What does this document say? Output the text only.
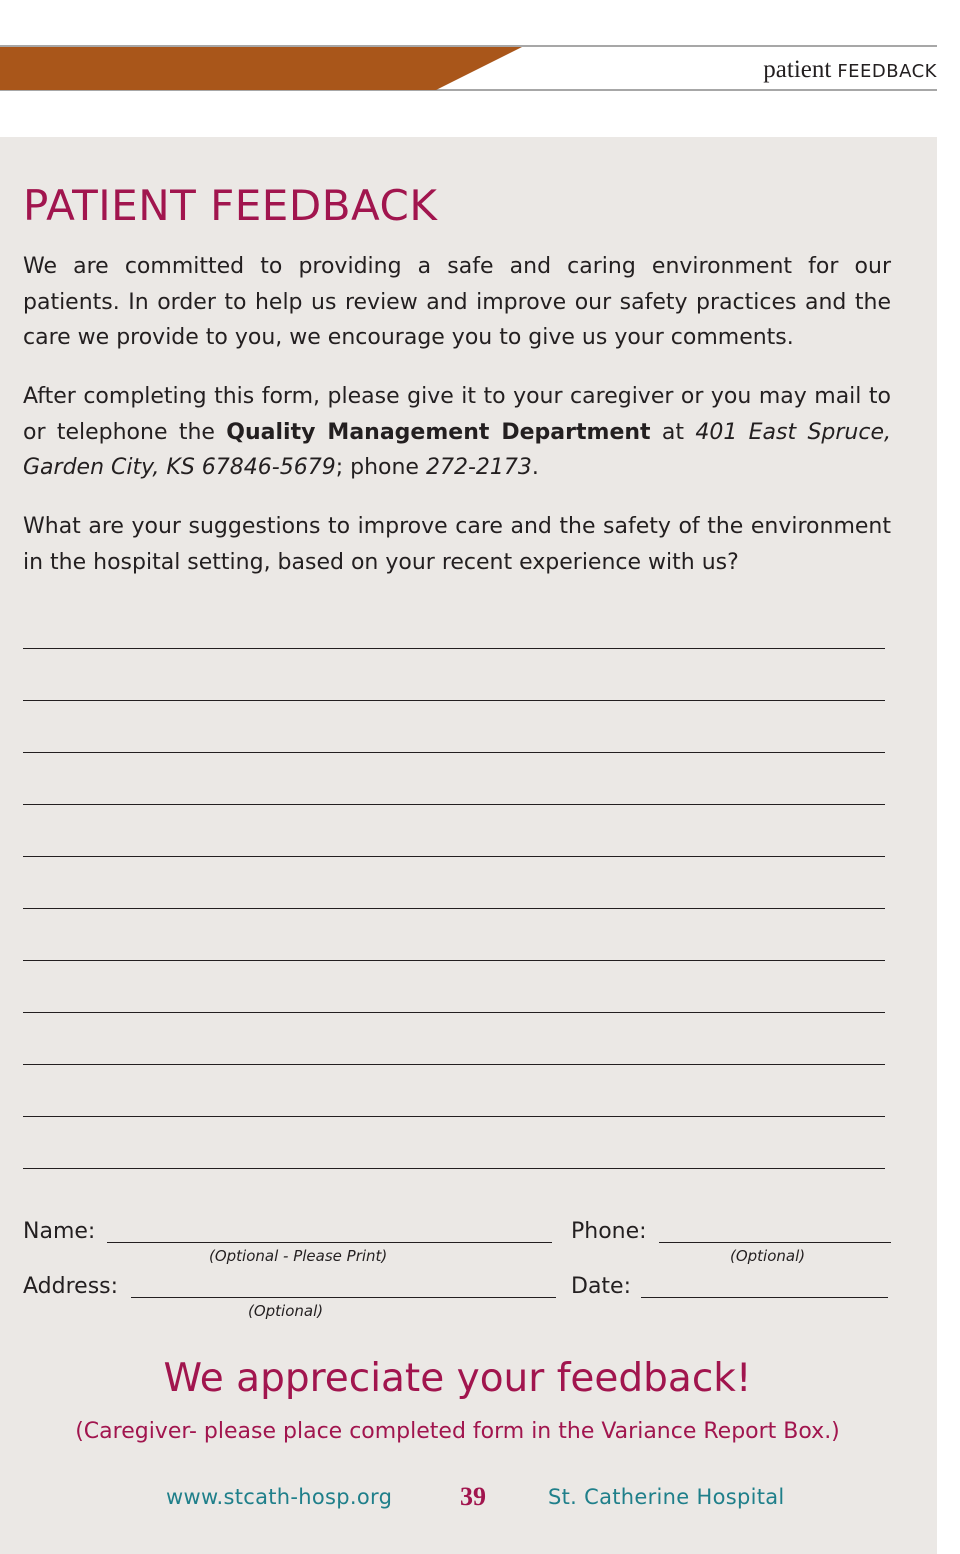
patient FEEDBACK
PATIENT FEEDBACK

We are committed to providing a safe and caring environment for our patients. In order to help us review and improve our safety practices and the care we provide to you, we encourage you to give us your comments.

After completing this form, please give it to your caregiver or you may mail to or telephone the Quality Management Department at 401 East Spruce, Garden City, KS 67846-5679; phone 272-2173.

What are your suggestions to improve care and the safety of the environment in the hospital setting, based on your recent experience with us?

Name:
(Optional - Please Print)
Phone:
(Optional)
Address:
(Optional)
Date:
We appreciate your feedback!
(Caregiver- please place completed form in the Variance Report Box.)
www.stcath-hosp.org	39	St. Catherine Hospital
